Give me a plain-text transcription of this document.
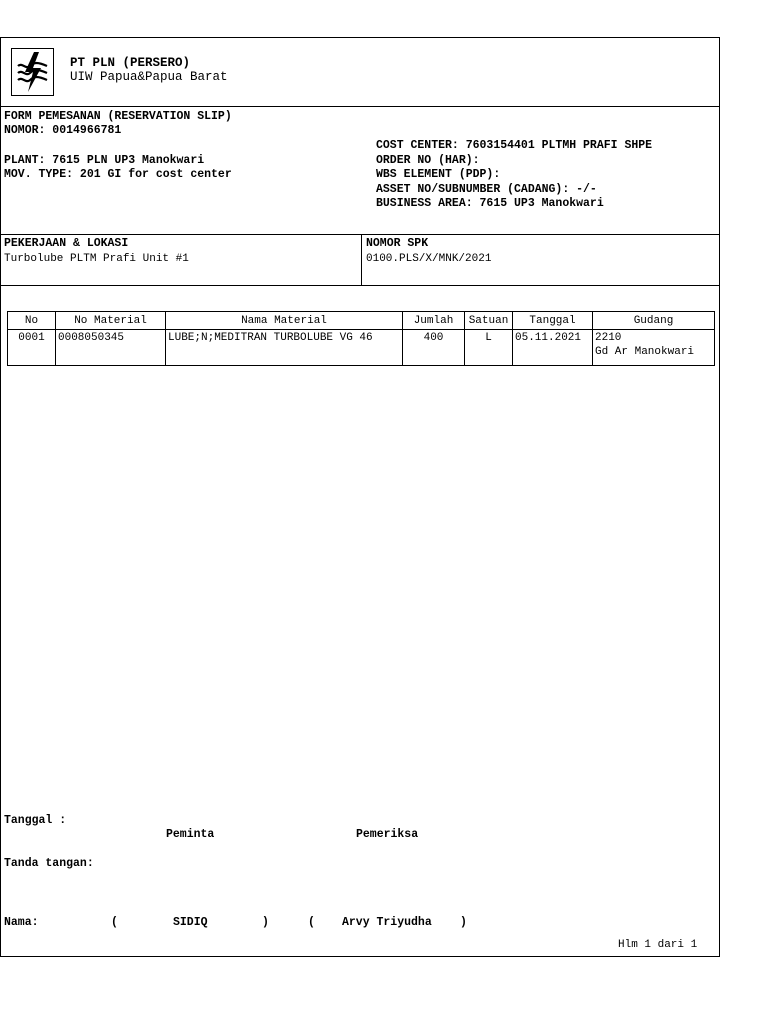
PT PLN (PERSERO)
UIW Papua&Papua Barat
FORM PEMESANAN (RESERVATION SLIP)
NOMOR: 0014966781
PLANT: 7615 PLN UP3 Manokwari
MOV. TYPE: 201 GI for cost center
COST CENTER: 7603154401 PLTMH PRAFI SHPE
ORDER NO (HAR):
WBS ELEMENT (PDP):
ASSET NO/SUBNUMBER (CADANG): -/-
BUSINESS AREA: 7615 UP3 Manokwari
PEKERJAAN & LOKASI
Turbolube PLTM Prafi Unit #1
NOMOR SPK
0100.PLS/X/MNK/2021
No	No Material	Nama Material	Jumlah	Satuan	Tanggal	Gudang
0001	0008050345	LUBE;N;MEDITRAN TURBOLUBE VG 46	400	L	05.11.2021	2210
Gd Ar Manokwari
Tanggal :
Peminta	Pemeriksa
Tanda tangan:
Nama:	(	SIDIQ	)	( Arvy Triyudha )
Hlm 1 dari 1
